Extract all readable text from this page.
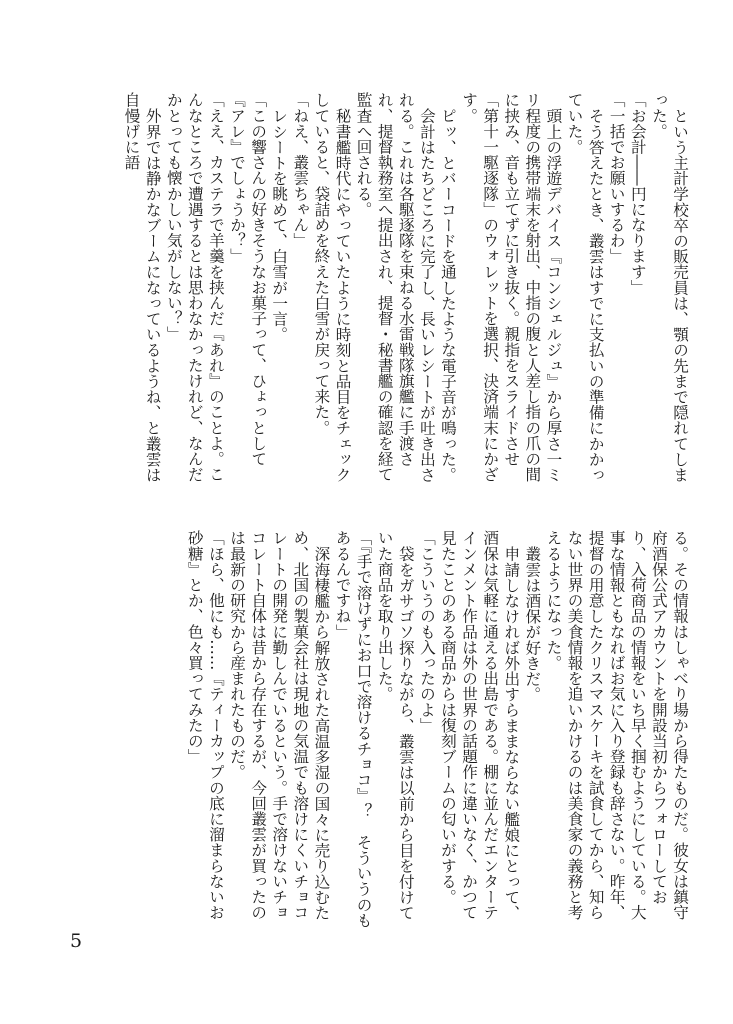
という主計学校卒の販売員は、顎の先まで隠れてしまった。

「お会計――円になります」

「一括でお願いするわ」

そう答えたとき、叢雲はすでに支払いの準備にかかっていた。

頭上の浮遊デバイス『コンシェルジュ』から厚さ一ミリ程度の携帯端末を射出、中指の腹と人差し指の爪の間に挟み、音も立てずに引き抜く。親指をスライドさせ「第十一駆逐隊」のウォレットを選択、決済端末にかざす。

ピッ、とバーコードを通したような電子音が鳴った。

会計はたちどころに完了し、長いレシートが吐き出される。これは各駆逐隊を束ねる水雷戦隊旗艦に手渡され、提督執務室へ提出され、提督・秘書艦の確認を経て監査へ回される。

秘書艦時代にやっていたように時刻と品目をチェックしていると、袋詰めを終えた白雪が戻って来た。

「ねえ、叢雲ちゃん」

レシートを眺めて、白雪が一言。

「この響さんの好きそうなお菓子って、ひょっとして『アレ』でしょうか？」

「ええ、カステラで羊羹を挟んだ『あれ』のことよ。こんなところで遭遇するとは思わなかったけれど、なんだかとっても懐かしい気がしない？」

外界では静かなブームになっているようね、と叢雲は自慢げに語

る。その情報はしゃべり場から得たものだ。彼女は鎮守府酒保公式アカウントを開設当初からフォローしており、入荷商品の情報をいち早く掴むようにしている。大事な情報ともなればお気に入り登録も辞さない。昨年、提督の用意したクリスマスケーキを試食してから、知らない世界の美食情報を追いかけるのは美食家の義務と考えるようになった。

叢雲は酒保が好きだ。

申請しなければ外出すらままならない艦娘にとって、酒保は気軽に通える出島である。棚に並んだエンターテインメント作品は外の世界の話題作に違いなく、かつて見たことのある商品からは復刻ブームの匂いがする。

「こういうのも入ったのよ」

袋をガサゴソ探りながら、叢雲は以前から目を付けていた商品を取り出した。

「『手で溶けずにお口で溶けるチョコ』？　そういうのもあるんですね」

深海棲艦から解放された高温多湿の国々に売り込むため、北国の製菓会社は現地の気温でも溶けにくいチョコレートの開発に勤しんでいるという。手で溶けないチョコレート自体は昔から存在するが、今回叢雲が買ったのは最新の研究から産まれたものだ。

「ほら、他にも……『ティーカップの底に溜まらないお砂糖』とか、色々買ってみたの」

5
